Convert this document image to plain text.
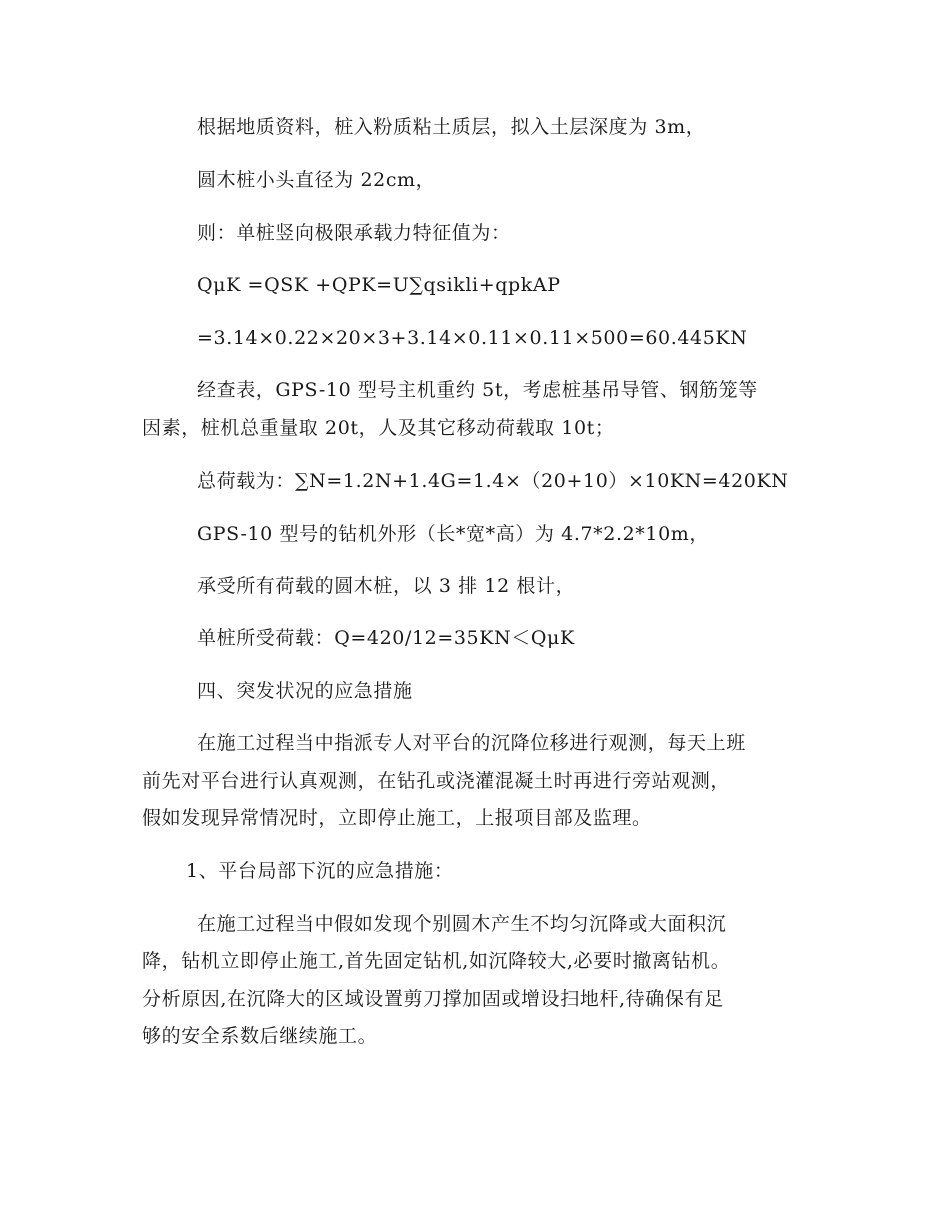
根据地质资料，桩入粉质粘土质层，拟入土层深度为 3m，
圆木桩小头直径为 22cm，
则：单桩竖向极限承载力特征值为：
QμK =QSK +QPK=U∑qsikli+qpkAP
=3.14×0.22×20×3+3.14×0.11×0.11×500=60.445KN
经查表，GPS-10 型号主机重约 5t，考虑桩基吊导管、钢筋笼等
因素，桩机总重量取 20t，人及其它移动荷载取 10t；
总荷载为：∑N=1.2N+1.4G=1.4×（20+10）×10KN=420KN
GPS-10 型号的钻机外形（长*宽*高）为 4.7*2.2*10m，
承受所有荷载的圆木桩，以 3 排 12 根计，
单桩所受荷载：Q=420/12=35KN＜QμK
四、突发状况的应急措施
在施工过程当中指派专人对平台的沉降位移进行观测，每天上班
前先对平台进行认真观测，在钻孔或浇灌混凝土时再进行旁站观测，
假如发现异常情况时，立即停止施工，上报项目部及监理。
1、平台局部下沉的应急措施：
在施工过程当中假如发现个别圆木产生不均匀沉降或大面积沉
降，钻机立即停止施工,首先固定钻机,如沉降较大,必要时撤离钻机。
分析原因,在沉降大的区域设置剪刀撑加固或增设扫地杆,待确保有足
够的安全系数后继续施工。
